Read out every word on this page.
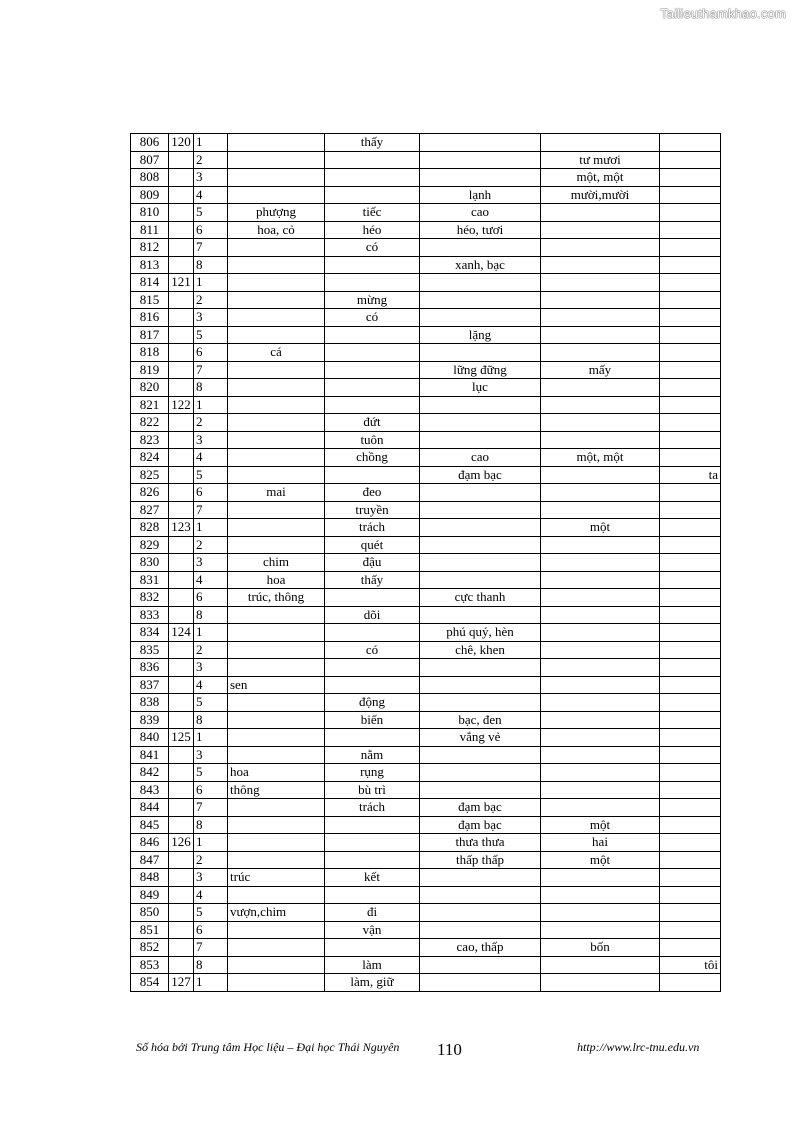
Tailieuthamkhao.com
806	120	1		thấy			
807		2				tư mươi	
808		3				một, một	
809		4			lạnh	mười,mười	
810		5	phượng	tiếc	cao		
811		6	hoa, cỏ	héo	héo, tươi		
812		7		có			
813		8			xanh, bạc		
814	121	1					
815		2		mừng			
816		3		có			
817		5			lặng		
818		6	cá				
819		7			lững đững	mấy	
820		8			lục		
821	122	1					
822		2		đứt			
823		3		tuôn			
824		4		chồng	cao	một, một	
825		5			đạm bạc		ta
826		6	mai	đeo			
827		7		truyền			
828	123	1		trách		một	
829		2		quét			
830		3	chim	đậu			
831		4	hoa	thấy			
832		6	trúc, thông		cực thanh		
833		8		dõi			
834	124	1			phú quý, hèn		
835		2		có	chê, khen		
836		3					
837		4	sen				
838		5		động			
839		8		biến	bạc, đen		
840	125	1			vắng vẻ		
841		3		nằm			
842		5	hoa	rụng			
843		6	thông	bù trì			
844		7		trách	đạm bạc		
845		8			đạm bạc	một	
846	126	1			thưa thưa	hai	
847		2			thấp thấp	một	
848		3	trúc	kết			
849		4					
850		5	vượn,chim	đi			
851		6		vận			
852		7			cao, thấp	bốn	
853		8		làm			tôi
854	127	1		làm, giữ			
Số hóa bởi Trung tâm Học liệu – Đại học Thái Nguyên 110	http://www.lrc-tnu.edu.vn
